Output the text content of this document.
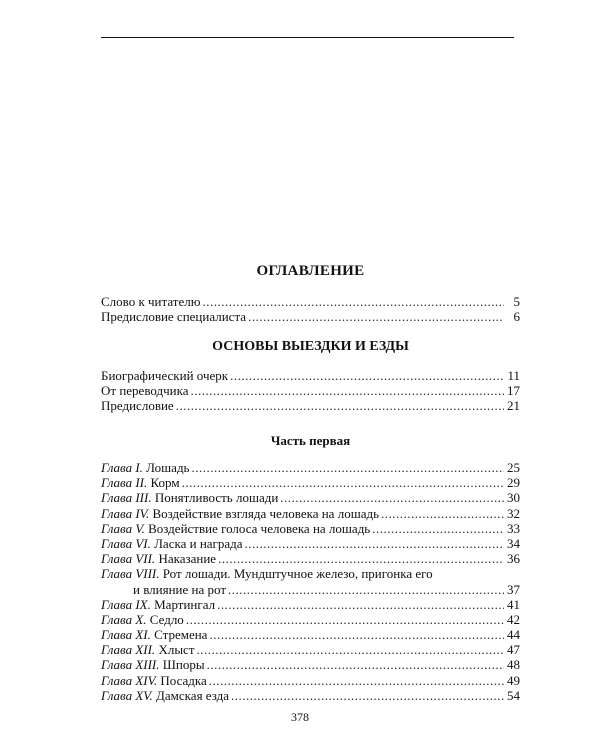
ОГЛАВЛЕНИЕ
Слово к читателю .....	5
Предисловие специалиста .....	6
ОСНОВЫ ВЫЕЗДКИ И ЕЗДЫ
Биографический очерк .....	11
От переводчика .....	17
Предисловие .....	21
Часть первая
Глава I. Лошадь .....	25
Глава II. Корм .....	29
Глава III. Понятливость лошади .....	30
Глава IV. Воздействие взгляда человека на лошадь .....	32
Глава V. Воздействие голоса человека на лошадь .....	33
Глава VI. Ласка и награда .....	34
Глава VII. Наказание .....	36
Глава VIII. Рот лошади. Мундштучное железо, пригонка его
и влияние на рот .....	37
Глава IX. Мартингал .....	41
Глава X. Седло .....	42
Глава XI. Стремена .....	44
Глава XII. Хлыст .....	47
Глава XIII. Шпоры .....	48
Глава XIV. Посадка .....	49
Глава XV. Дамская езда .....	54
378
